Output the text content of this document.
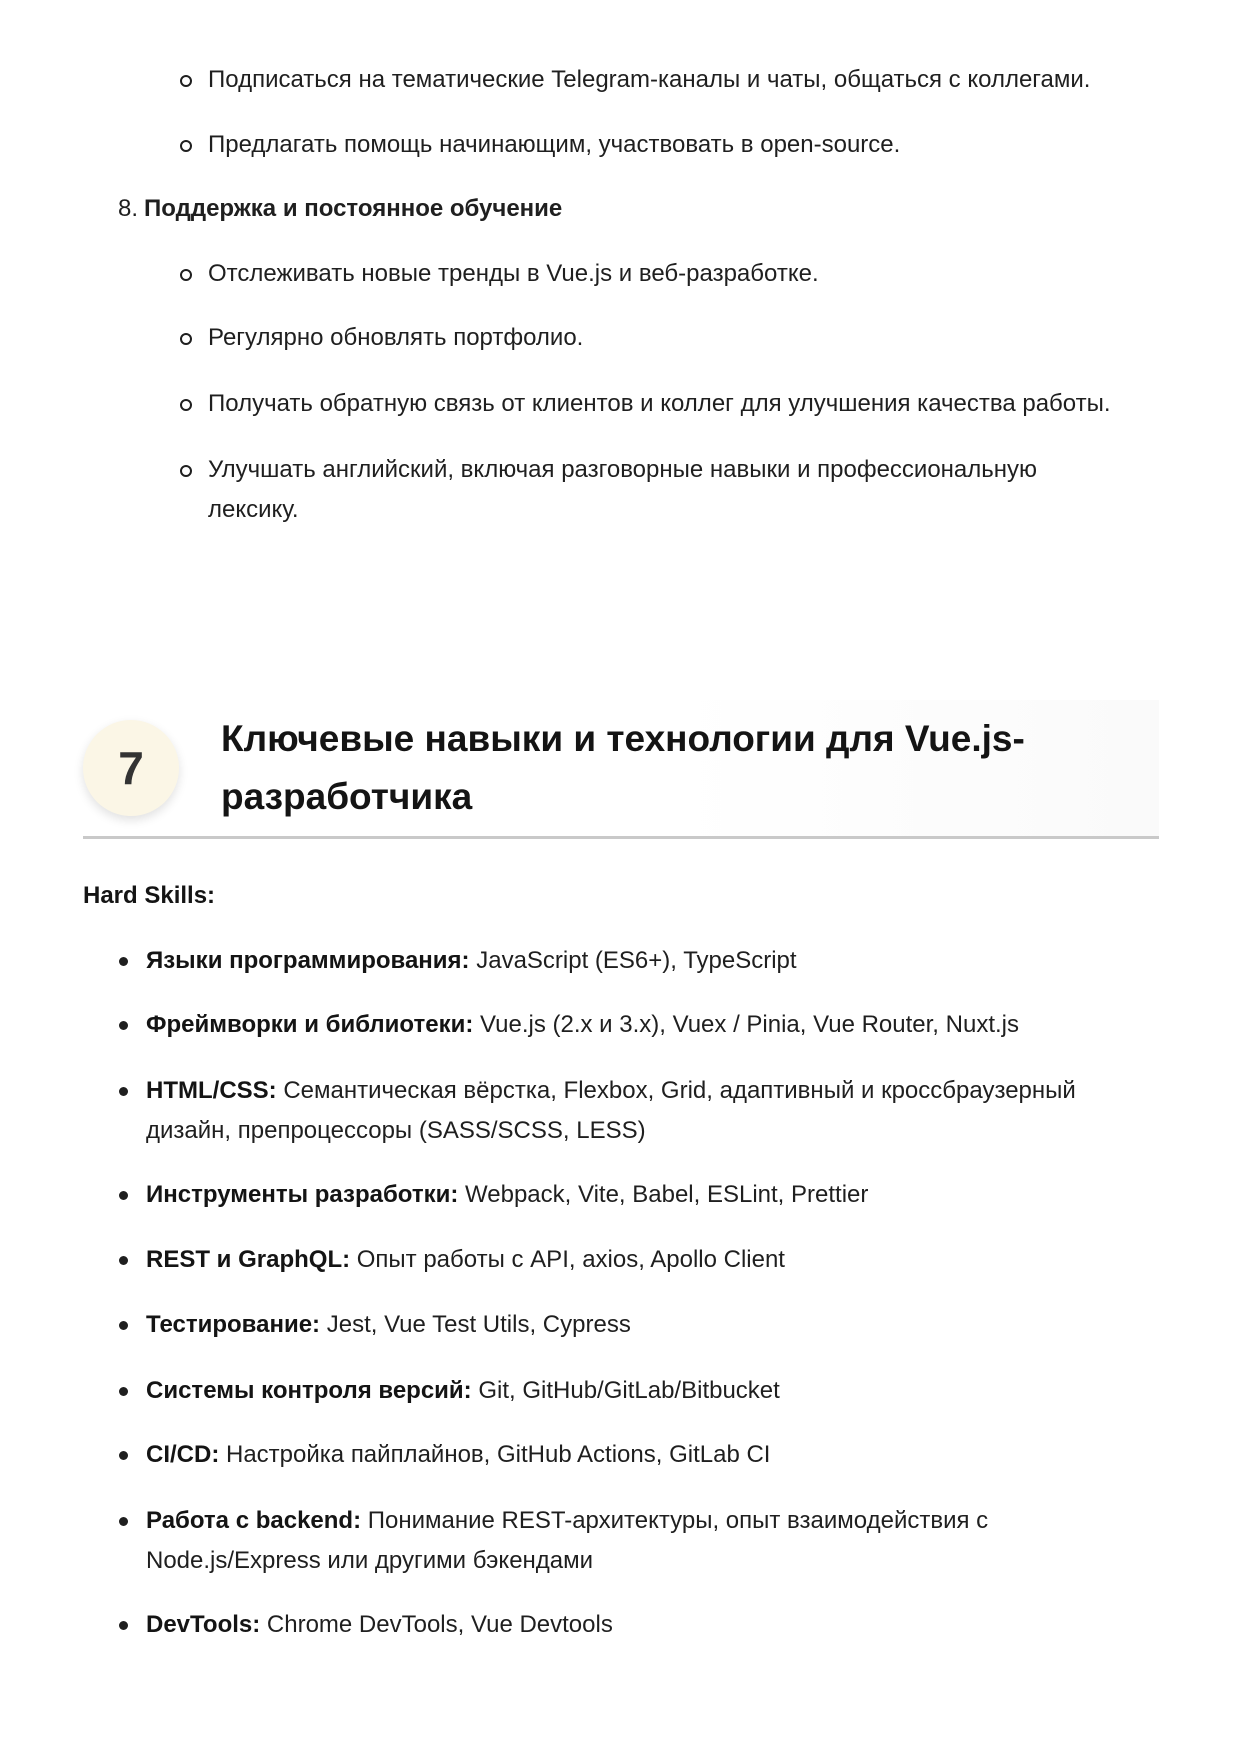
Подписаться на тематические Telegram-каналы и чаты, общаться с коллегами.
Предлагать помощь начинающим, участвовать в open-source.
8. Поддержка и постоянное обучение
Отслеживать новые тренды в Vue.js и веб-разработке.
Регулярно обновлять портфолио.
Получать обратную связь от клиентов и коллег для улучшения качества работы.
Улучшать английский, включая разговорные навыки и профессиональную лексику.
7
Ключевые навыки и технологии для Vue.js-разработчика
Hard Skills:
Языки программирования: JavaScript (ES6+), TypeScript
Фреймворки и библиотеки: Vue.js (2.x и 3.x), Vuex / Pinia, Vue Router, Nuxt.js
HTML/CSS: Семантическая вёрстка, Flexbox, Grid, адаптивный и кроссбраузерный дизайн, препроцессоры (SASS/SCSS, LESS)
Инструменты разработки: Webpack, Vite, Babel, ESLint, Prettier
REST и GraphQL: Опыт работы с API, axios, Apollo Client
Тестирование: Jest, Vue Test Utils, Cypress
Системы контроля версий: Git, GitHub/GitLab/Bitbucket
CI/CD: Настройка пайплайнов, GitHub Actions, GitLab CI
Работа с backend: Понимание REST-архитектуры, опыт взаимодействия с Node.js/Express или другими бэкендами
DevTools: Chrome DevTools, Vue Devtools
